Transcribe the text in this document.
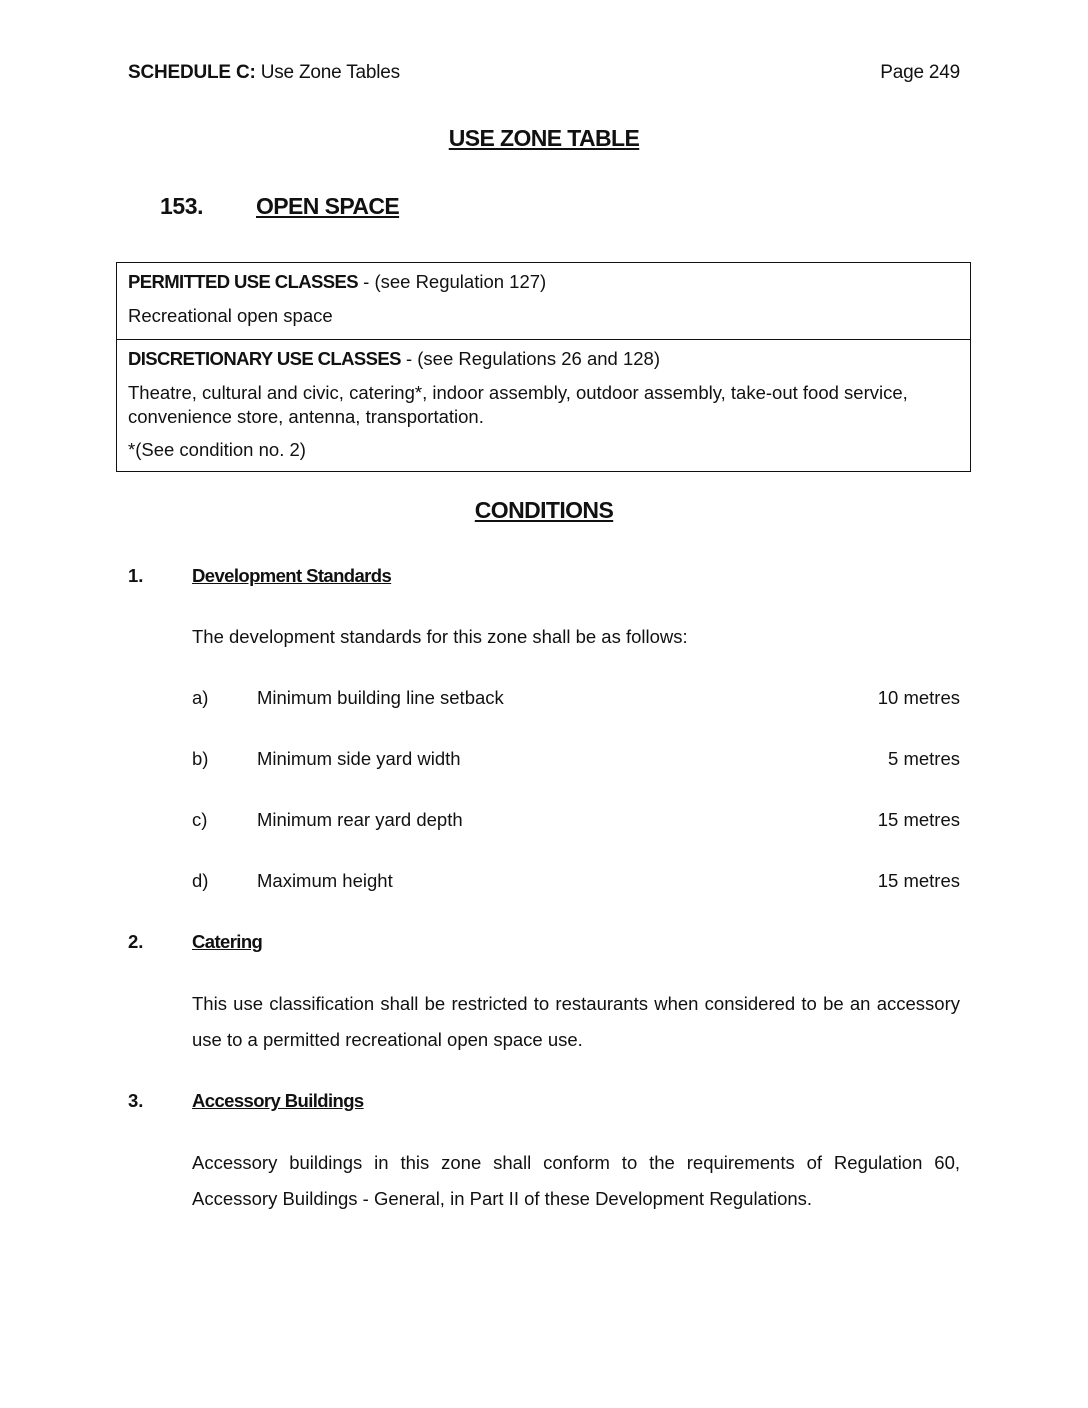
SCHEDULE C: Use Zone Tables	Page 249
USE ZONE TABLE
153. OPEN SPACE
PERMITTED USE CLASSES - (see Regulation 127)
Recreational open space
DISCRETIONARY USE CLASSES - (see Regulations 26 and 128)
Theatre, cultural and civic, catering*, indoor assembly, outdoor assembly, take-out food service, convenience store, antenna, transportation.
*(See condition no. 2)
CONDITIONS
1.	Development Standards
The development standards for this zone shall be as follows:
a)	Minimum building line setback	10 metres
b)	Minimum side yard width	5 metres
c)	Minimum rear yard depth	15 metres
d)	Maximum height	15 metres
2.	Catering
This use classification shall be restricted to restaurants when considered to be an accessory use to a permitted recreational open space use.
3.	Accessory Buildings
Accessory buildings in this zone shall conform to the requirements of Regulation 60, Accessory Buildings - General, in Part II of these Development Regulations.
